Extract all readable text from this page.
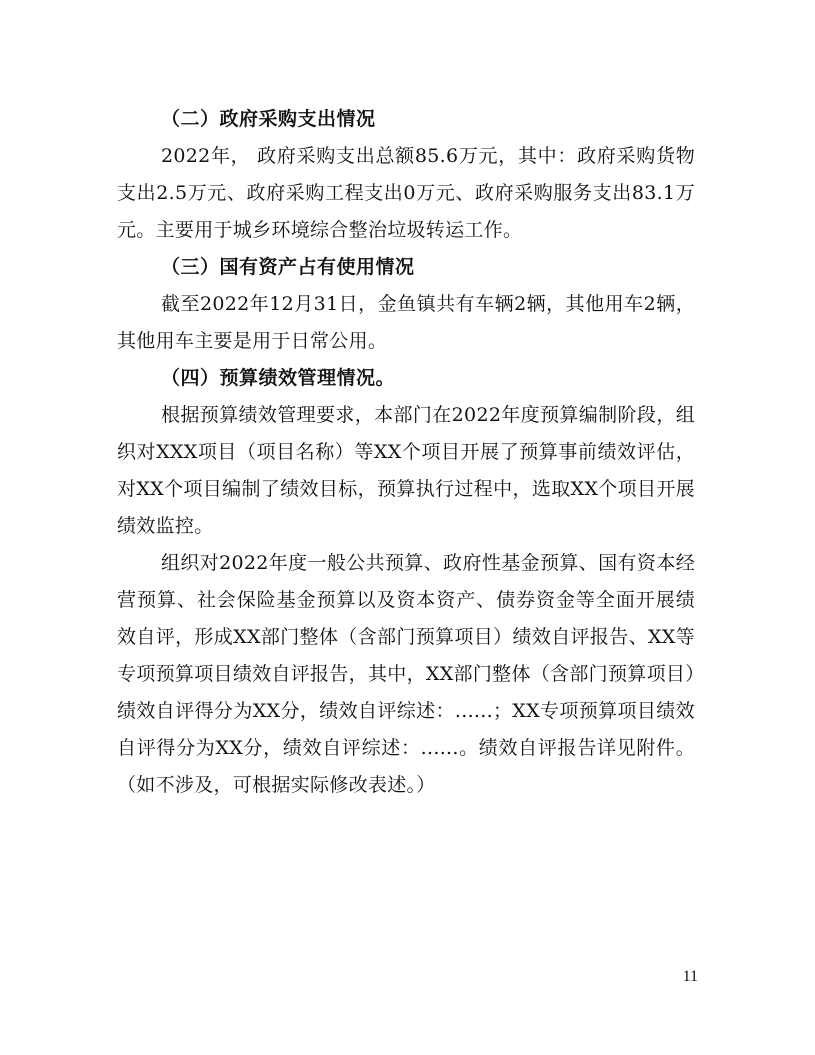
（二）政府采购支出情况

2022年， 政府采购支出总额85.6万元，其中：政府采购货物支出2.5万元、政府采购工程支出0万元、政府采购服务支出83.1万元。主要用于城乡环境综合整治垃圾转运工作。

（三）国有资产占有使用情况

截至2022年12月31日，金鱼镇共有车辆2辆，其他用车2辆，其他用车主要是用于日常公用。

（四）预算绩效管理情况。

根据预算绩效管理要求，本部门在2022年度预算编制阶段，组织对XXX项目（项目名称）等XX个项目开展了预算事前绩效评估，对XX个项目编制了绩效目标，预算执行过程中，选取XX个项目开展绩效监控。

组织对2022年度一般公共预算、政府性基金预算、国有资本经营预算、社会保险基金预算以及资本资产、债券资金等全面开展绩效自评，形成XX部门整体（含部门预算项目）绩效自评报告、XX等专项预算项目绩效自评报告，其中，XX部门整体（含部门预算项目）绩效自评得分为XX分，绩效自评综述：......；XX专项预算项目绩效自评得分为XX分，绩效自评综述：......。绩效自评报告详见附件。（如不涉及，可根据实际修改表述。）

11
